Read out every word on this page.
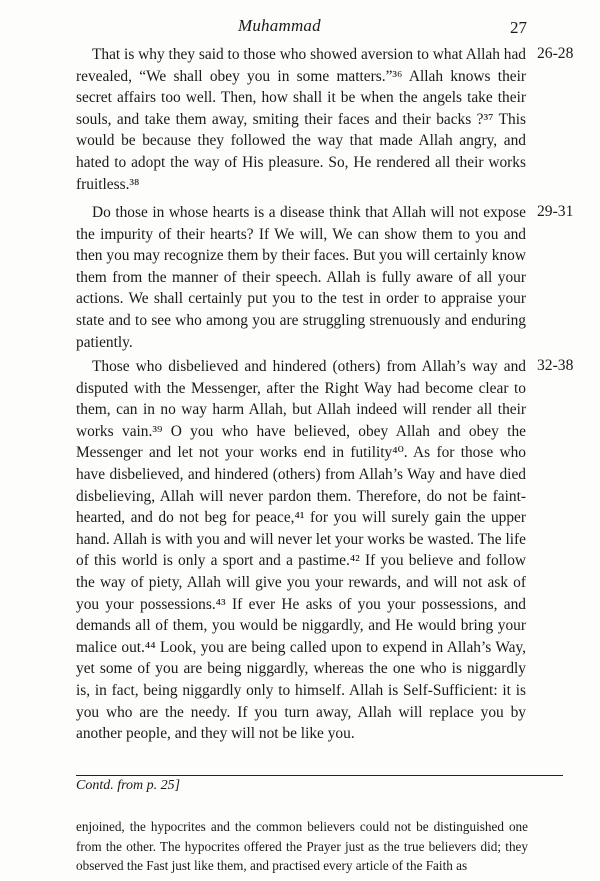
Muhammad	27

That is why they said to those who showed aversion to what Allah had revealed, “We shall obey you in some matters.”³⁶ Allah knows their secret affairs too well. Then, how shall it be when the angels take their souls, and take them away, smiting their faces and their backs ?³⁷ This would be because they followed the way that made Allah angry, and hated to adopt the way of His pleasure. So, He rendered all their works fruitless.³⁸

26-28

Do those in whose hearts is a disease think that Allah will not expose the impurity of their hearts? If We will, We can show them to you and then you may recognize them by their faces. But you will certainly know them from the manner of their speech. Allah is fully aware of all your actions. We shall certainly put you to the test in order to appraise your state and to see who among you are struggling strenuously and enduring patiently.

29-31

Those who disbelieved and hindered (others) from Allah’s way and disputed with the Messenger, after the Right Way had become clear to them, can in no way harm Allah, but Allah indeed will render all their works vain.³⁹ O you who have believed, obey Allah and obey the Messenger and let not your works end in futility⁴⁰. As for those who have disbelieved, and hindered (others) from Allah’s Way and have died disbelieving, Allah will never pardon them. Therefore, do not be faint-hearted, and do not beg for peace,⁴¹ for you will surely gain the upper hand. Allah is with you and will never let your works be wasted. The life of this world is only a sport and a pastime.⁴² If you believe and follow the way of piety, Allah will give you your rewards, and will not ask of you your possessions.⁴³ If ever He asks of you your possessions, and demands all of them, you would be niggardly, and He would bring your malice out.⁴⁴ Look, you are being called upon to expend in Allah’s Way, yet some of you are being niggardly, whereas the one who is niggardly is, in fact, being niggardly only to himself. Allah is Self-Sufficient: it is you who are the needy. If you turn away, Allah will replace you by another people, and they will not be like you.

32-38
Contd. from p. 25]

enjoined, the hypocrites and the common believers could not be distinguished one from the other. The hypocrites offered the Prayer just as the true believers did; they observed the Fast just like them, and practised every article of the Faith as
